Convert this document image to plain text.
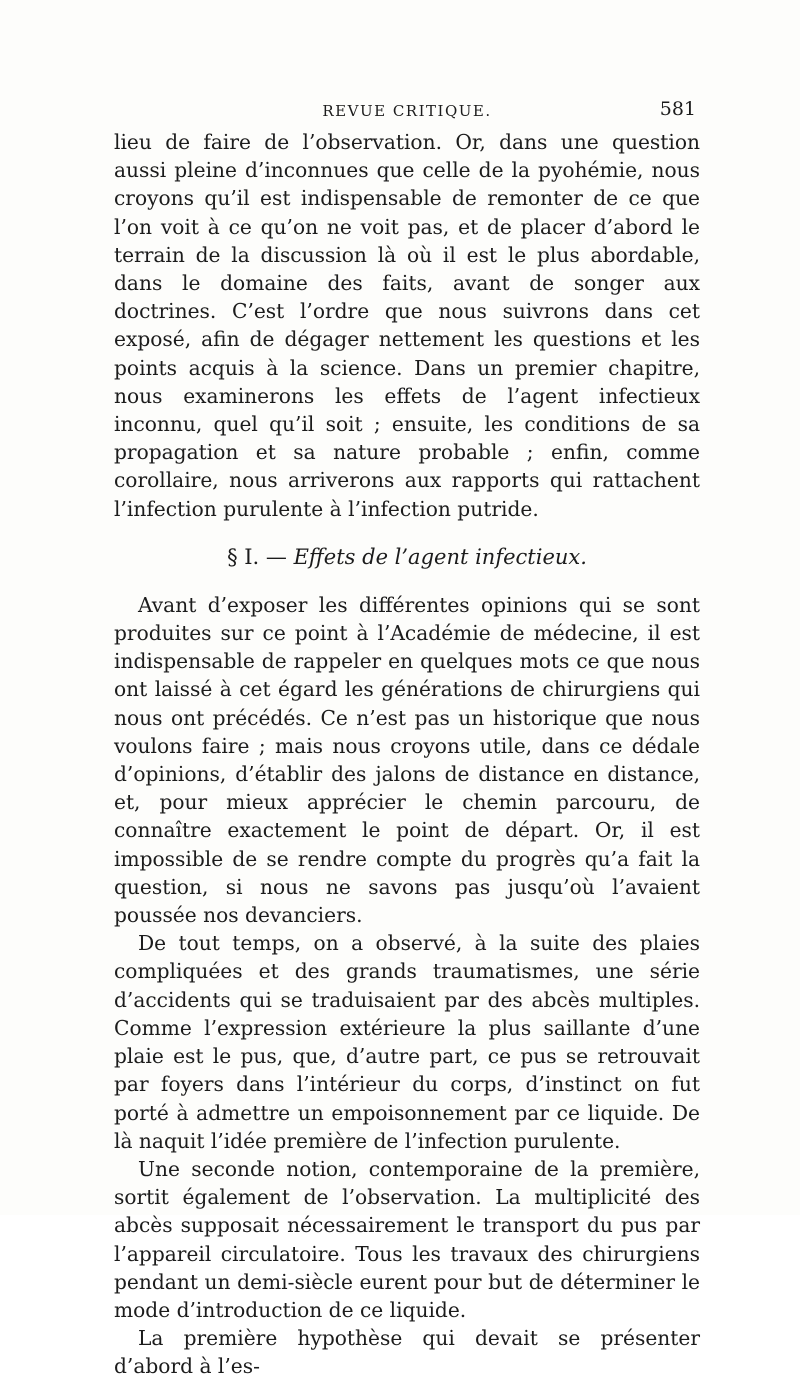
REVUE CRITIQUE.	581

lieu de faire de l’observation. Or, dans une question aussi pleine d’inconnues que celle de la pyohémie, nous croyons qu’il est indispensable de remonter de ce que l’on voit à ce qu’on ne voit pas, et de placer d’abord le terrain de la discussion là où il est le plus abordable, dans le domaine des faits, avant de songer aux doctrines. C’est l’ordre que nous suivrons dans cet exposé, afin de dégager nettement les questions et les points acquis à la science. Dans un premier chapitre, nous examinerons les effets de l’agent infectieux inconnu, quel qu’il soit ; ensuite, les conditions de sa propagation et sa nature probable ; enfin, comme corollaire, nous arriverons aux rapports qui rattachent l’infection purulente à l’infection putride.

§ I. — Effets de l’agent infectieux.

Avant d’exposer les différentes opinions qui se sont produites sur ce point à l’Académie de médecine, il est indispensable de rappeler en quelques mots ce que nous ont laissé à cet égard les générations de chirurgiens qui nous ont précédés. Ce n’est pas un historique que nous voulons faire ; mais nous croyons utile, dans ce dédale d’opinions, d’établir des jalons de distance en distance, et, pour mieux apprécier le chemin parcouru, de connaître exactement le point de départ. Or, il est impossible de se rendre compte du progrès qu’a fait la question, si nous ne savons pas jusqu’où l’avaient poussée nos devanciers.

De tout temps, on a observé, à la suite des plaies compliquées et des grands traumatismes, une série d’accidents qui se traduisaient par des abcès multiples. Comme l’expression extérieure la plus saillante d’une plaie est le pus, que, d’autre part, ce pus se retrouvait par foyers dans l’intérieur du corps, d’instinct on fut porté à admettre un empoisonnement par ce liquide. De là naquit l’idée première de l’infection purulente.

Une seconde notion, contemporaine de la première, sortit également de l’observation. La multiplicité des abcès supposait nécessairement le transport du pus par l’appareil circulatoire. Tous les travaux des chirurgiens pendant un demi-siècle eurent pour but de déterminer le mode d’introduction de ce liquide.

La première hypothèse qui devait se présenter d’abord à l’es-
